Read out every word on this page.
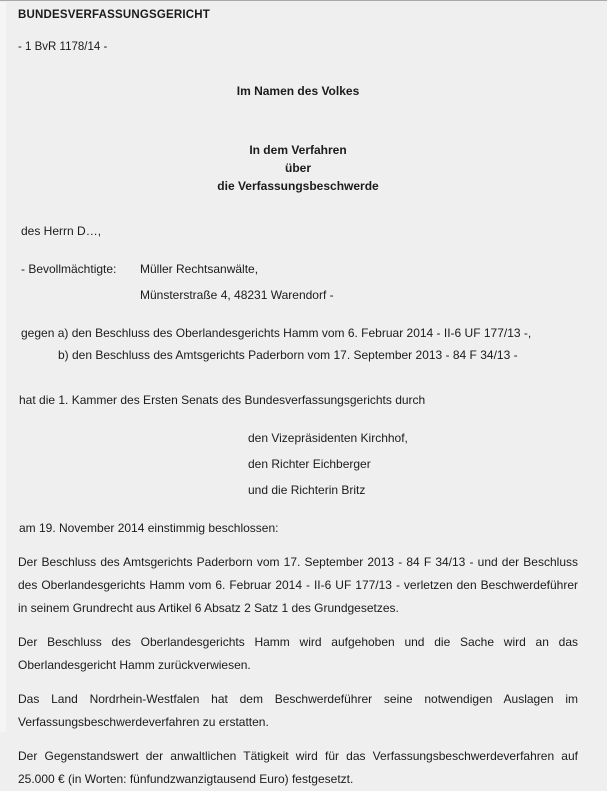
BUNDESVERFASSUNGSGERICHT
- 1 BvR 1178/14 -
Im Namen des Volkes
In dem Verfahren
über
die Verfassungsbeschwerde
des Herrn D…,
- Bevollmächtigte:	Müller Rechtsanwälte,
Münsterstraße 4, 48231 Warendorf -
gegen a) den Beschluss des Oberlandesgerichts Hamm vom 6. Februar 2014 - II-6 UF 177/13 -,
b) den Beschluss des Amtsgerichts Paderborn vom 17. September 2013 - 84 F 34/13 -
hat die 1. Kammer des Ersten Senats des Bundesverfassungsgerichts durch
den Vizepräsidenten Kirchhof,
den Richter Eichberger
und die Richterin Britz
am 19. November 2014 einstimmig beschlossen:
Der Beschluss des Amtsgerichts Paderborn vom 17. September 2013 - 84 F 34/13 - und der Beschluss des Oberlandesgerichts Hamm vom 6. Februar 2014 - II-6 UF 177/13 - verletzen den Beschwerdeführer in seinem Grundrecht aus Artikel 6 Absatz 2 Satz 1 des Grundgesetzes.
Der Beschluss des Oberlandesgerichts Hamm wird aufgehoben und die Sache wird an das Oberlandesgericht Hamm zurückverwiesen.
Das Land Nordrhein-Westfalen hat dem Beschwerdeführer seine notwendigen Auslagen im Verfassungsbeschwerdeverfahren zu erstatten.
Der Gegenstandswert der anwaltlichen Tätigkeit wird für das Verfassungsbeschwerdeverfahren auf 25.000 € (in Worten: fünfundzwanzigtausend Euro) festgesetzt.
